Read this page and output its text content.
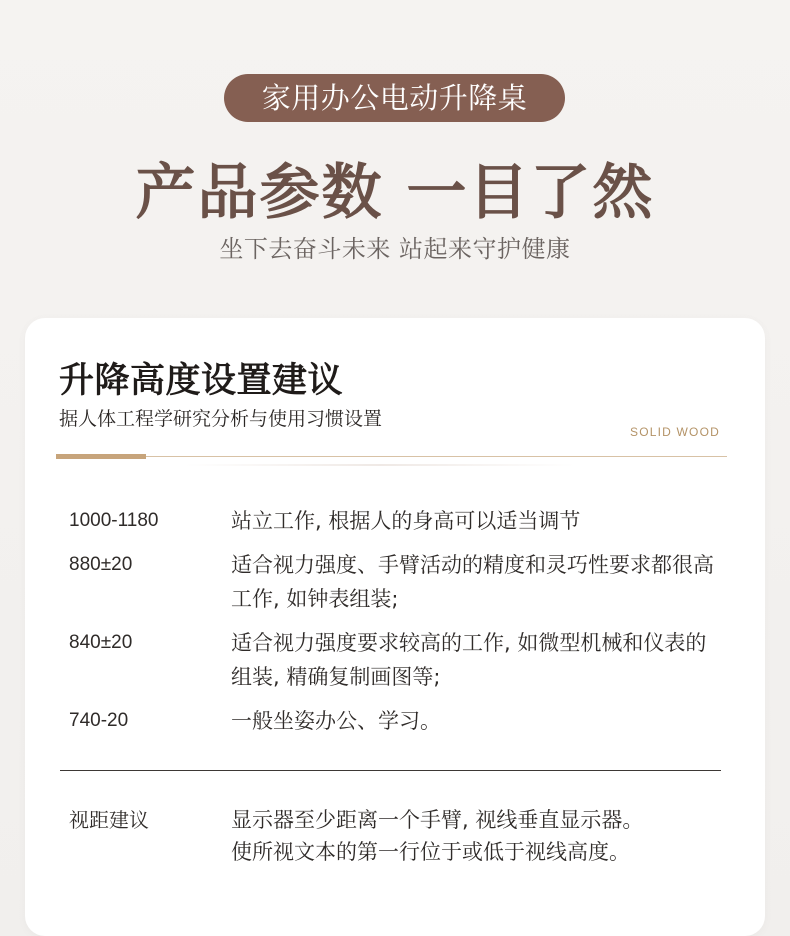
家用办公电动升降桌
产品参数 一目了然
坐下去奋斗未来 站起来守护健康
升降高度设置建议
据人体工程学研究分析与使用习惯设置
SOLID WOOD
1000-1180	站立工作, 根据人的身高可以适当调节
880±20	适合视力强度、手臂活动的精度和灵巧性要求都很高工作, 如钟表组装;
840±20	适合视力强度要求较高的工作, 如微型机械和仪表的组装, 精确复制画图等;
740-20	一般坐姿办公、学习。
视距建议	显示器至少距离一个手臂, 视线垂直显示器。
使所视文本的第一行位于或低于视线高度。
